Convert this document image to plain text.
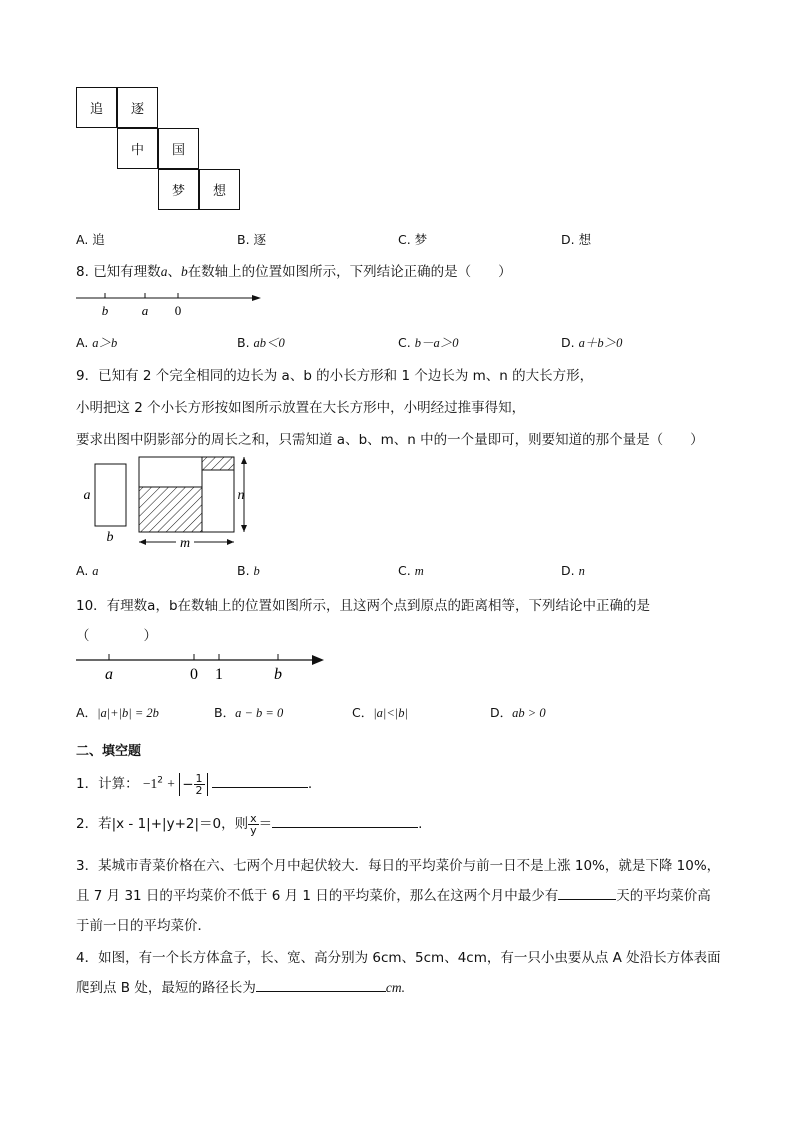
追	逐
中	国
梦	想
A. 追	B. 逐	C. 梦	D. 想
8. 已知有理数a、b在数轴上的位置如图所示，下列结论正确的是（　　）
b	a 0
A. a＞b	B. ab＜0	C. b－a＞0	D. a＋b＞0
9．已知有 2 个完全相同的边长为 a、b 的小长方形和 1 个边长为 m、n 的大长方形，
小明把这 2 个小长方形按如图所示放置在大长方形中，小明经过推事得知，
要求出图中阴影部分的周长之和，只需知道 a、b、m、n 中的一个量即可，则要知道的那个量是（　　）
a
b
n
m
A. a	B. b	C. m	D. n
10．有理数a，b在数轴上的位置如图所示，且这两个点到原点的距离相等，下列结论中正确的是
（　　　　）
a	0 1	b
A．|a|+|b| = 2b	B．a − b = 0	C．|a|<|b|	D．ab > 0
二、填空题
1．计算： $-1^2$ + − $\frac{1}{2}$	.
2．若|x - 1|+|y+2|＝0，则 $\frac{x}{y}$ ＝	.
3．某城市青菜价格在六、七两个月中起伏较大．每日的平均菜价与前一日不是上涨 10%，就是下降 10%，
且 7 月 31 日的平均菜价不低于 6 月 1 日的平均菜价，那么在这两个月中最少有	天的平均菜价高
于前一日的平均菜价．
4．如图，有一个长方体盒子，长、宽、高分别为 6cm、5cm、4cm，有一只小虫要从点 A 处沿长方体表面
爬到点 B 处，最短的路径长为	cm.
